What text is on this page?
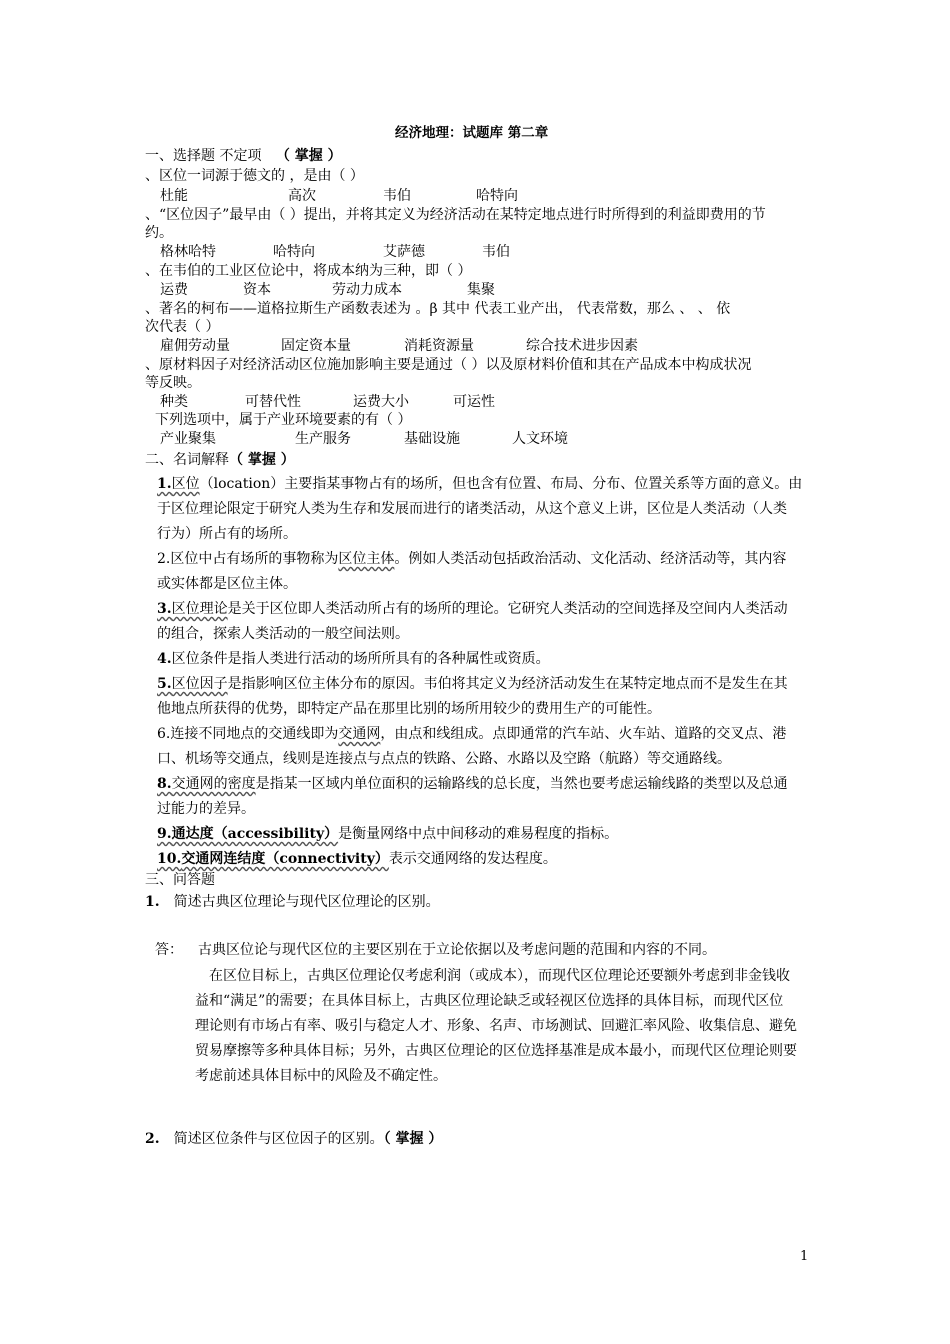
经济地理：试题库 第二章
一、选择题 不定项 （ 掌握 ）
、区位一词源于德文的 ，是由（ ）
杜能	高次	韦伯	哈特向
、“区位因子”最早由（ ）提出，并将其定义为经济活动在某特定地点进行时所得到的利益即费用的节
约。
格林哈特	哈特向	艾萨德	韦伯
、在韦伯的工业区位论中，将成本纳为三种，即（ ）
运费	资本	劳动力成本	集聚
、著名的柯布——道格拉斯生产函数表述为 。β 其中 代表工业产出， 代表常数，那么 、 、 依
次代表（ ）
雇佣劳动量	固定资本量	消耗资源量	综合技术进步因素
、原材料因子对经济活动区位施加影响主要是通过（ ）以及原材料价值和其在产品成本中构成状况
等反映。
种类	可替代性	运费大小	可运性
下列选项中，属于产业环境要素的有（ ）
产业聚集	生产服务	基础设施	人文环境
二、名词解释（ 掌握 ）
1.区位（location）主要指某事物占有的场所，但也含有位置、布局、分布、位置关系等方面的意义。由
于区位理论限定于研究人类为生存和发展而进行的诸类活动，从这个意义上讲，区位是人类活动（人类
行为）所占有的场所。
2.区位中占有场所的事物称为区位主体。例如人类活动包括政治活动、文化活动、经济活动等，其内容
或实体都是区位主体。
3.区位理论是关于区位即人类活动所占有的场所的理论。它研究人类活动的空间选择及空间内人类活动
的组合，探索人类活动的一般空间法则。
4.区位条件是指人类进行活动的场所所具有的各种属性或资质。
5.区位因子是指影响区位主体分布的原因。韦伯将其定义为经济活动发生在某特定地点而不是发生在其
他地点所获得的优势，即特定产品在那里比别的场所用较少的费用生产的可能性。
6.连接不同地点的交通线即为交通网，由点和线组成。点即通常的汽车站、火车站、道路的交叉点、港
口、机场等交通点，线则是连接点与点点的铁路、公路、水路以及空路（航路）等交通路线。
8.交通网的密度是指某一区域内单位面积的运输路线的总长度，当然也要考虑运输线路的类型以及总通
过能力的差异。
9.通达度（accessibility）是衡量网络中点中间移动的难易程度的指标。
10.交通网连结度（connectivity）表示交通网络的发达程度。
三、问答题
1. 简述古典区位理论与现代区位理论的区别。
答： 古典区位论与现代区位的主要区别在于立论依据以及考虑问题的范围和内容的不同。
在区位目标上，古典区位理论仅考虑利润（或成本），而现代区位理论还要额外考虑到非金钱收
益和“满足”的需要；在具体目标上，古典区位理论缺乏或轻视区位选择的具体目标，而现代区位
理论则有市场占有率、吸引与稳定人才、形象、名声、市场测试、回避汇率风险、收集信息、避免
贸易摩擦等多种具体目标；另外，古典区位理论的区位选择基准是成本最小，而现代区位理论则要
考虑前述具体目标中的风险及不确定性。
2. 简述区位条件与区位因子的区别。（ 掌握 ）
1
